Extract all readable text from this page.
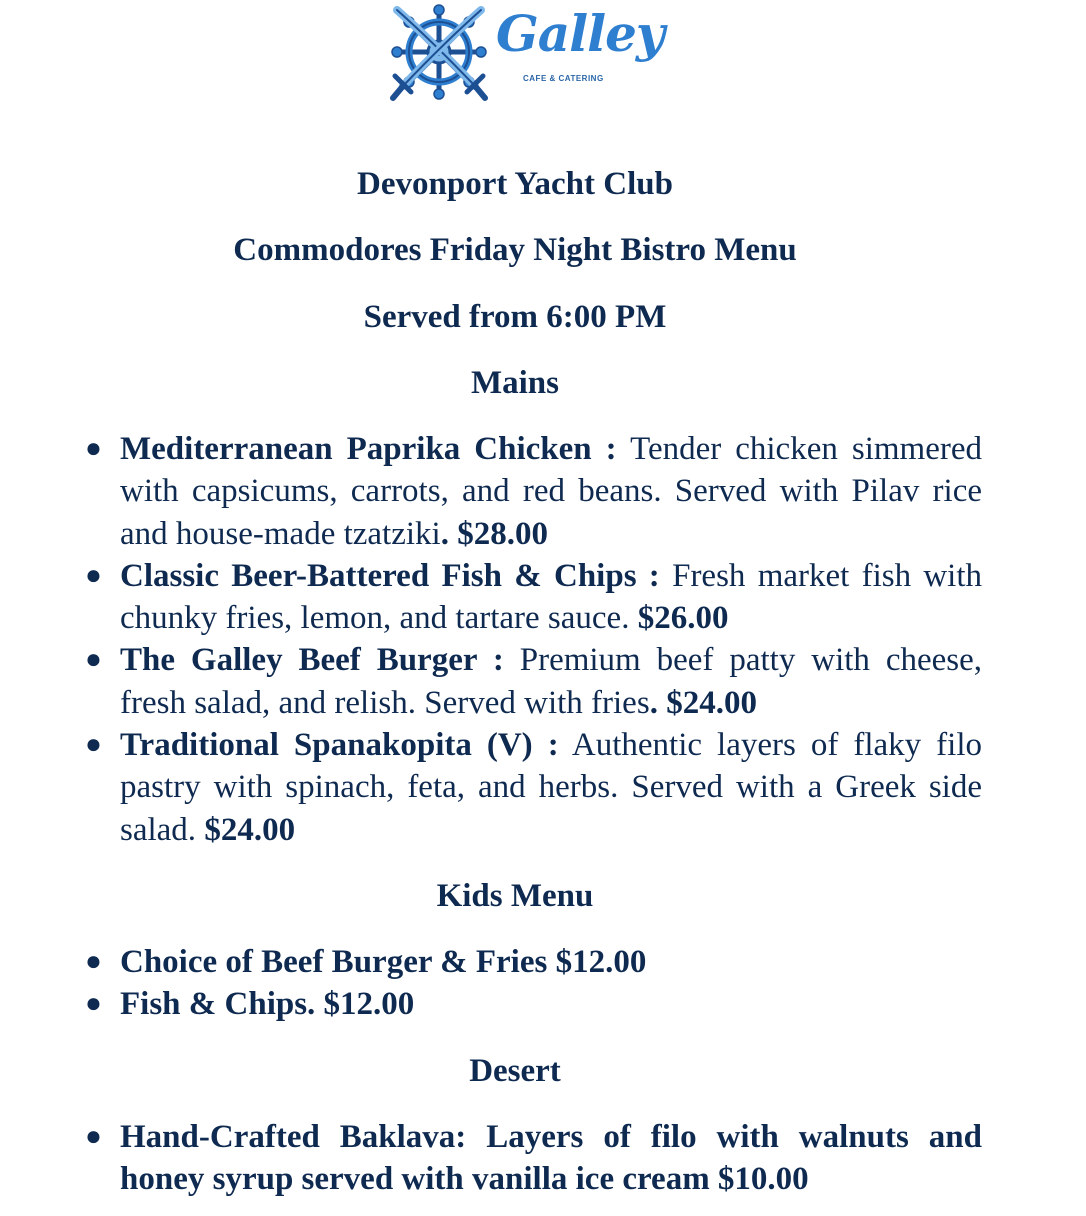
Galley
CAFE & CATERING
Devonport Yacht Club
Commodores Friday Night Bistro Menu
Served from 6:00 PM
Mains
● Mediterranean Paprika Chicken : Tender chicken simmered with capsicums, carrots, and red beans. Served with Pilav rice and house-made tzatziki. $28.00
● Classic Beer-Battered Fish & Chips : Fresh market fish with chunky fries, lemon, and tartare sauce. $26.00
● The Galley Beef Burger : Premium beef patty with cheese, fresh salad, and relish. Served with fries. $24.00
● Traditional Spanakopita (V) : Authentic layers of flaky filo pastry with spinach, feta, and herbs. Served with a Greek side salad. $24.00
Kids Menu
● Choice of Beef Burger & Fries $12.00
● Fish & Chips. $12.00
Desert
● Hand-Crafted Baklava: Layers of filo with walnuts and honey syrup served with vanilla ice cream $10.00
